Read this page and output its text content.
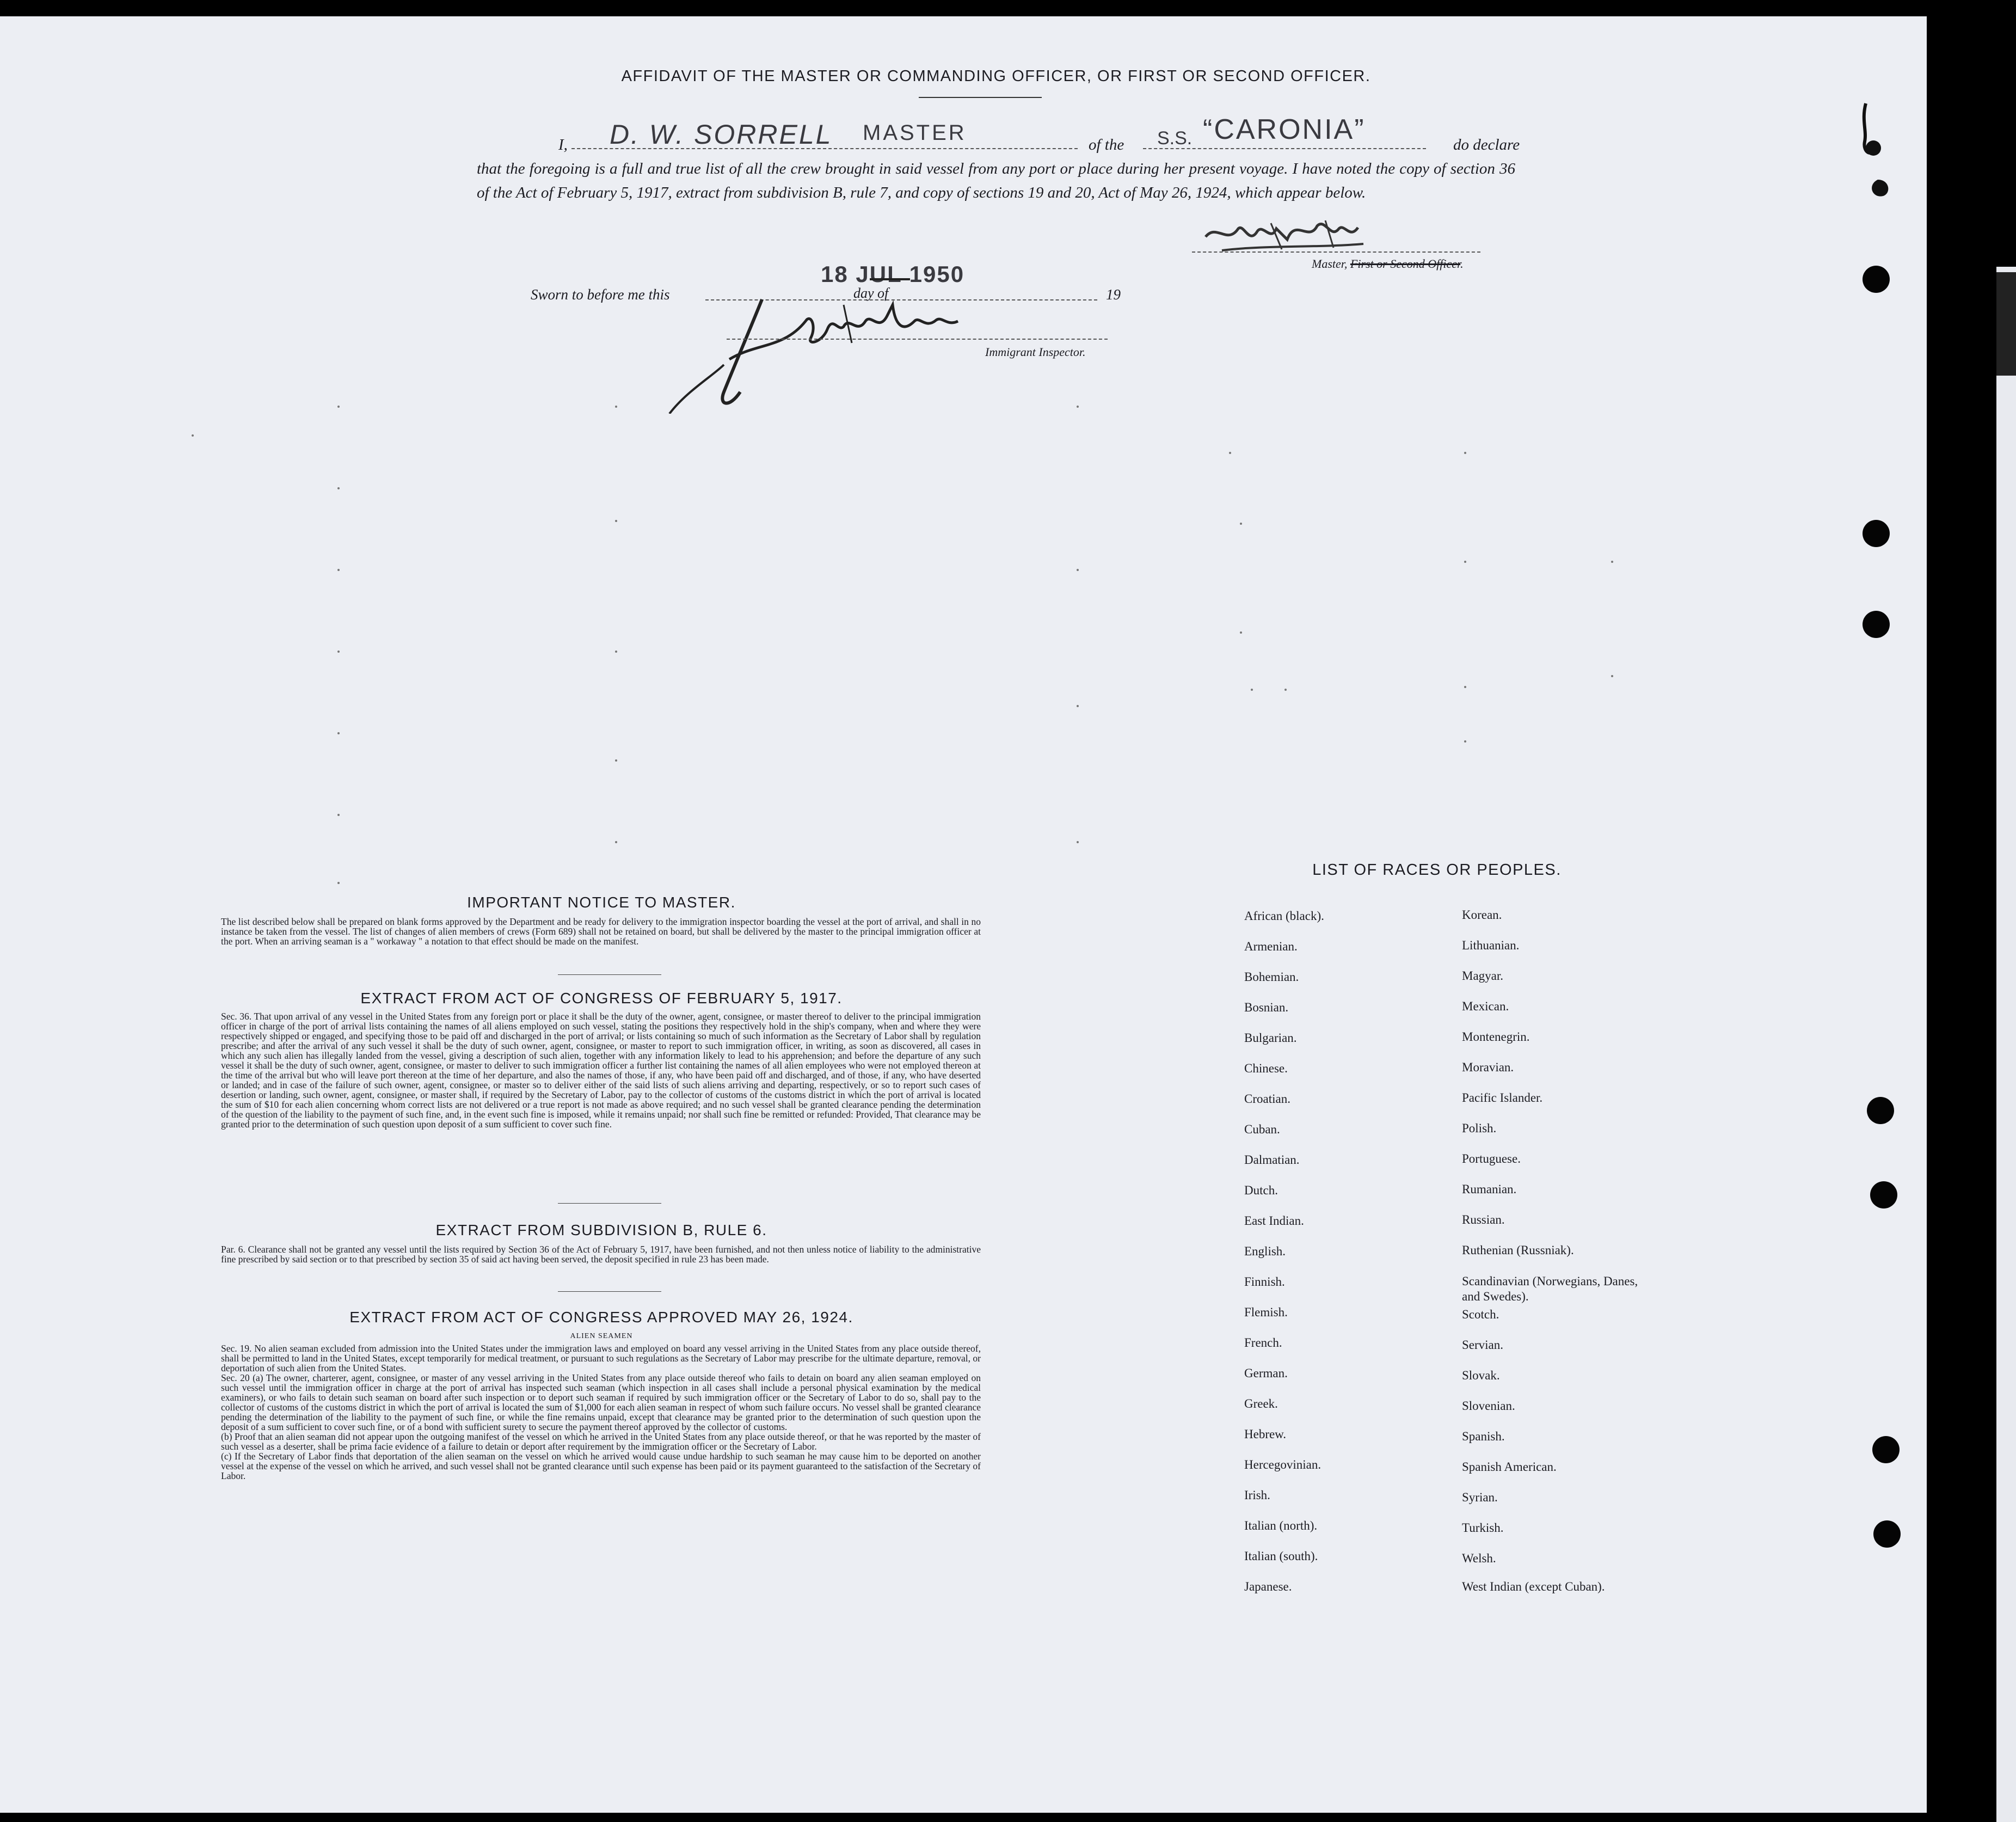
AFFIDAVIT OF THE MASTER OR COMMANDING OFFICER, OR FIRST OR SECOND OFFICER.
I, D. W. SORRELL MASTER	of the S.S. “CARONIA”	do declare
that the foregoing is a full and true list of all the crew brought in said vessel from any port or place during her present voyage. I have noted the copy of section 36 of the Act of February 5, 1917, extract from subdivision B, rule 7, and copy of sections 19 and 20, Act of May 26, 1924, which appear below.
Master, First or Second Officer.
Sworn to before me this
18 JUL 1950
day of	19
Immigrant Inspector.
IMPORTANT NOTICE TO MASTER.
The list described below shall be prepared on blank forms approved by the Department and be ready for delivery to the immigration inspector boarding the vessel at the port of arrival, and shall in no instance be taken from the vessel. The list of changes of alien members of crews (Form 689) shall not be retained on board, but shall be delivered by the master to the principal immigration officer at the port. When an arriving seaman is a " workaway " a notation to that effect should be made on the manifest.
EXTRACT FROM ACT OF CONGRESS OF FEBRUARY 5, 1917.
Sec. 36. That upon arrival of any vessel in the United States from any foreign port or place it shall be the duty of the owner, agent, consignee, or master thereof to deliver to the principal immigration officer in charge of the port of arrival lists containing the names of all aliens employed on such vessel, stating the positions they respectively hold in the ship's company, when and where they were respectively shipped or engaged, and specifying those to be paid off and discharged in the port of arrival; or lists containing so much of such information as the Secretary of Labor shall by regulation prescribe; and after the arrival of any such vessel it shall be the duty of such owner, agent, consignee, or master to report to such immigration officer, in writing, as soon as discovered, all cases in which any such alien has illegally landed from the vessel, giving a description of such alien, together with any information likely to lead to his apprehension; and before the departure of any such vessel it shall be the duty of such owner, agent, consignee, or master to deliver to such immigration officer a further list containing the names of all alien employees who were not employed thereon at the time of the arrival but who will leave port thereon at the time of her departure, and also the names of those, if any, who have been paid off and discharged, and of those, if any, who have deserted or landed; and in case of the failure of such owner, agent, consignee, or master so to deliver either of the said lists of such aliens arriving and departing, respectively, or so to report such cases of desertion or landing, such owner, agent, consignee, or master shall, if required by the Secretary of Labor, pay to the collector of customs of the customs district in which the port of arrival is located the sum of $10 for each alien concerning whom correct lists are not delivered or a true report is not made as above required; and no such vessel shall be granted clearance pending the determination of the question of the liability to the payment of such fine, and, in the event such fine is imposed, while it remains unpaid; nor shall such fine be remitted or refunded: Provided, That clearance may be granted prior to the determination of such question upon deposit of a sum sufficient to cover such fine.
EXTRACT FROM SUBDIVISION B, RULE 6.
Par. 6. Clearance shall not be granted any vessel until the lists required by Section 36 of the Act of February 5, 1917, have been furnished, and not then unless notice of liability to the administrative fine prescribed by said section or to that prescribed by section 35 of said act having been served, the deposit specified in rule 23 has been made.
EXTRACT FROM ACT OF CONGRESS APPROVED MAY 26, 1924.
ALIEN SEAMEN
Sec. 19. No alien seaman excluded from admission into the United States under the immigration laws and employed on board any vessel arriving in the United States from any place outside thereof, shall be permitted to land in the United States, except temporarily for medical treatment, or pursuant to such regulations as the Secretary of Labor may prescribe for the ultimate departure, removal, or deportation of such alien from the United States.
Sec. 20 (a) The owner, charterer, agent, consignee, or master of any vessel arriving in the United States from any place outside thereof who fails to detain on board any alien seaman employed on such vessel until the immigration officer in charge at the port of arrival has inspected such seaman (which inspection in all cases shall include a personal physical examination by the medical examiners), or who fails to detain such seaman on board after such inspection or to deport such seaman if required by such immigration officer or the Secretary of Labor to do so, shall pay to the collector of customs of the customs district in which the port of arrival is located the sum of $1,000 for each alien seaman in respect of whom such failure occurs. No vessel shall be granted clearance pending the determination of the liability to the payment of such fine, or while the fine remains unpaid, except that clearance may be granted prior to the determination of such question upon the deposit of a sum sufficient to cover such fine, or of a bond with sufficient surety to secure the payment thereof approved by the collector of customs.
(b) Proof that an alien seaman did not appear upon the outgoing manifest of the vessel on which he arrived in the United States from any place outside thereof, or that he was reported by the master of such vessel as a deserter, shall be prima facie evidence of a failure to detain or deport after requirement by the immigration officer or the Secretary of Labor.
(c) If the Secretary of Labor finds that deportation of the alien seaman on the vessel on which he arrived would cause undue hardship to such seaman he may cause him to be deported on another vessel at the expense of the vessel on which he arrived, and such vessel shall not be granted clearance until such expense has been paid or its payment guaranteed to the satisfaction of the Secretary of Labor.
LIST OF RACES OR PEOPLES.
African (black).
Armenian.
Bohemian.
Bosnian.
Bulgarian.
Chinese.
Croatian.
Cuban.
Dalmatian.
Dutch.
East Indian.
English.
Finnish.
Flemish.
French.
German.
Greek.
Hebrew.
Hercegovinian.
Irish.
Italian (north).
Italian (south).
Japanese.
Korean.
Lithuanian.
Magyar.
Mexican.
Montenegrin.
Moravian.
Pacific Islander.
Polish.
Portuguese.
Rumanian.
Russian.
Ruthenian (Russniak).
Scandinavian (Norwegians, Danes, and Swedes).
Scotch.
Servian.
Slovak.
Slovenian.
Spanish.
Spanish American.
Syrian.
Turkish.
Welsh.
West Indian (except Cuban).
